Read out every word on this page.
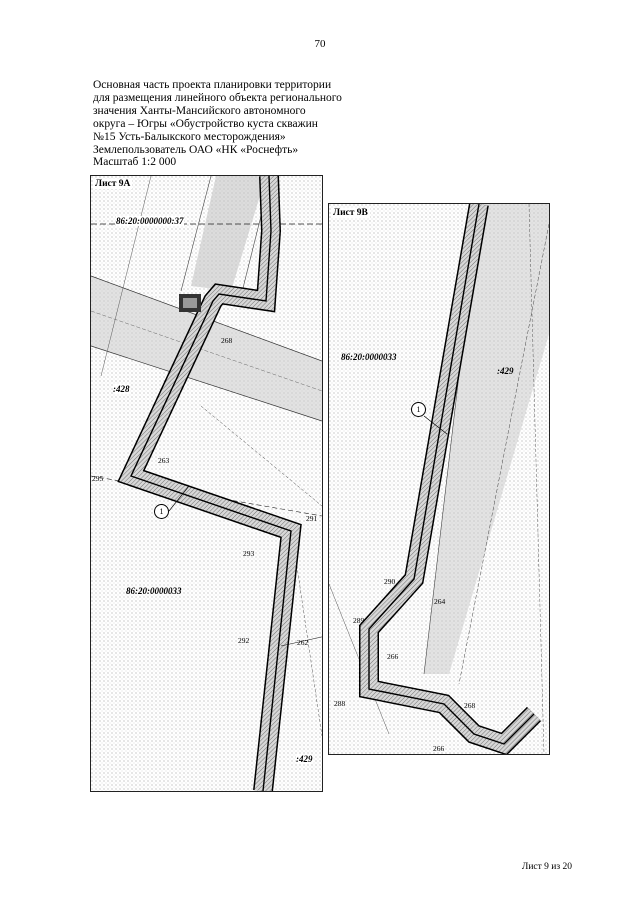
70
Основная часть проекта планировки территории
для размещения линейного объекта регионального
значения Ханты-Мансийского автономного
округа – Югры «Обустройство куста скважин
№15 Усть-Балыкского месторождения»
Землепользователь ОАО «НК «Роснефть»
Масштаб 1:2 000
Лист 9А
86:20:0000000:37
86:20:0000033
:428
:429
295
293
292
291
262
263
268
1
Лист 9В
86:20:0000033
:429
290
289
288
264
266
268
266
1
Лист 9 из 20
